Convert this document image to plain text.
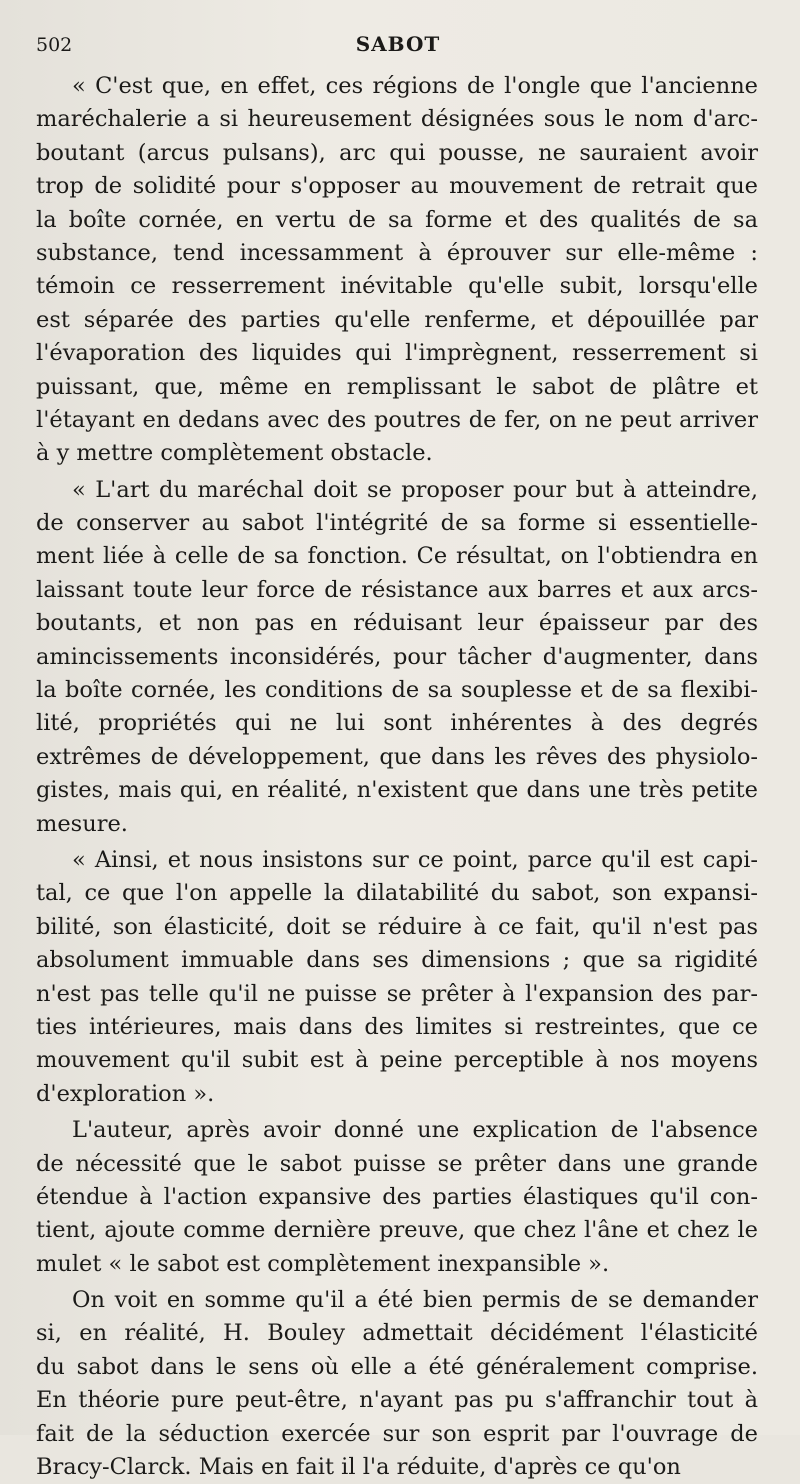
502	SABOT
« C'est que, en effet, ces régions de l'ongle que l'ancienne
maréchalerie a si heureusement désignées sous le nom d'arc-
boutant (arcus pulsans), arc qui pousse, ne sauraient avoir
trop de solidité pour s'opposer au mouvement de retrait que
la boîte cornée, en vertu de sa forme et des qualités de sa
substance, tend incessamment à éprouver sur elle-même :
témoin ce resserrement inévitable qu'elle subit, lorsqu'elle
est séparée des parties qu'elle renferme, et dépouillée par
l'évaporation des liquides qui l'imprègnent, resserrement si
puissant, que, même en remplissant le sabot de plâtre et
l'étayant en dedans avec des poutres de fer, on ne peut arriver
à y mettre complètement obstacle.
« L'art du maréchal doit se proposer pour but à atteindre,
de conserver au sabot l'intégrité de sa forme si essentielle-
ment liée à celle de sa fonction. Ce résultat, on l'obtiendra en
laissant toute leur force de résistance aux barres et aux arcs-
boutants, et non pas en réduisant leur épaisseur par des
amincissements inconsidérés, pour tâcher d'augmenter, dans
la boîte cornée, les conditions de sa souplesse et de sa flexibi-
lité, propriétés qui ne lui sont inhérentes à des degrés
extrêmes de développement, que dans les rêves des physiolo-
gistes, mais qui, en réalité, n'existent que dans une très petite
mesure.
« Ainsi, et nous insistons sur ce point, parce qu'il est capi-
tal, ce que l'on appelle la dilatabilité du sabot, son expansi-
bilité, son élasticité, doit se réduire à ce fait, qu'il n'est pas
absolument immuable dans ses dimensions ; que sa rigidité
n'est pas telle qu'il ne puisse se prêter à l'expansion des par-
ties intérieures, mais dans des limites si restreintes, que ce
mouvement qu'il subit est à peine perceptible à nos moyens
d'exploration ».
L'auteur, après avoir donné une explication de l'absence
de nécessité que le sabot puisse se prêter dans une grande
étendue à l'action expansive des parties élastiques qu'il con-
tient, ajoute comme dernière preuve, que chez l'âne et chez le
mulet « le sabot est complètement inexpansible ».
On voit en somme qu'il a été bien permis de se demander
si, en réalité, H. Bouley admettait décidément l'élasticité
du sabot dans le sens où elle a été généralement comprise.
En théorie pure peut-être, n'ayant pas pu s'affranchir tout à
fait de la séduction exercée sur son esprit par l'ouvrage de
Bracy-Clarck. Mais en fait il l'a réduite, d'après ce qu'on
